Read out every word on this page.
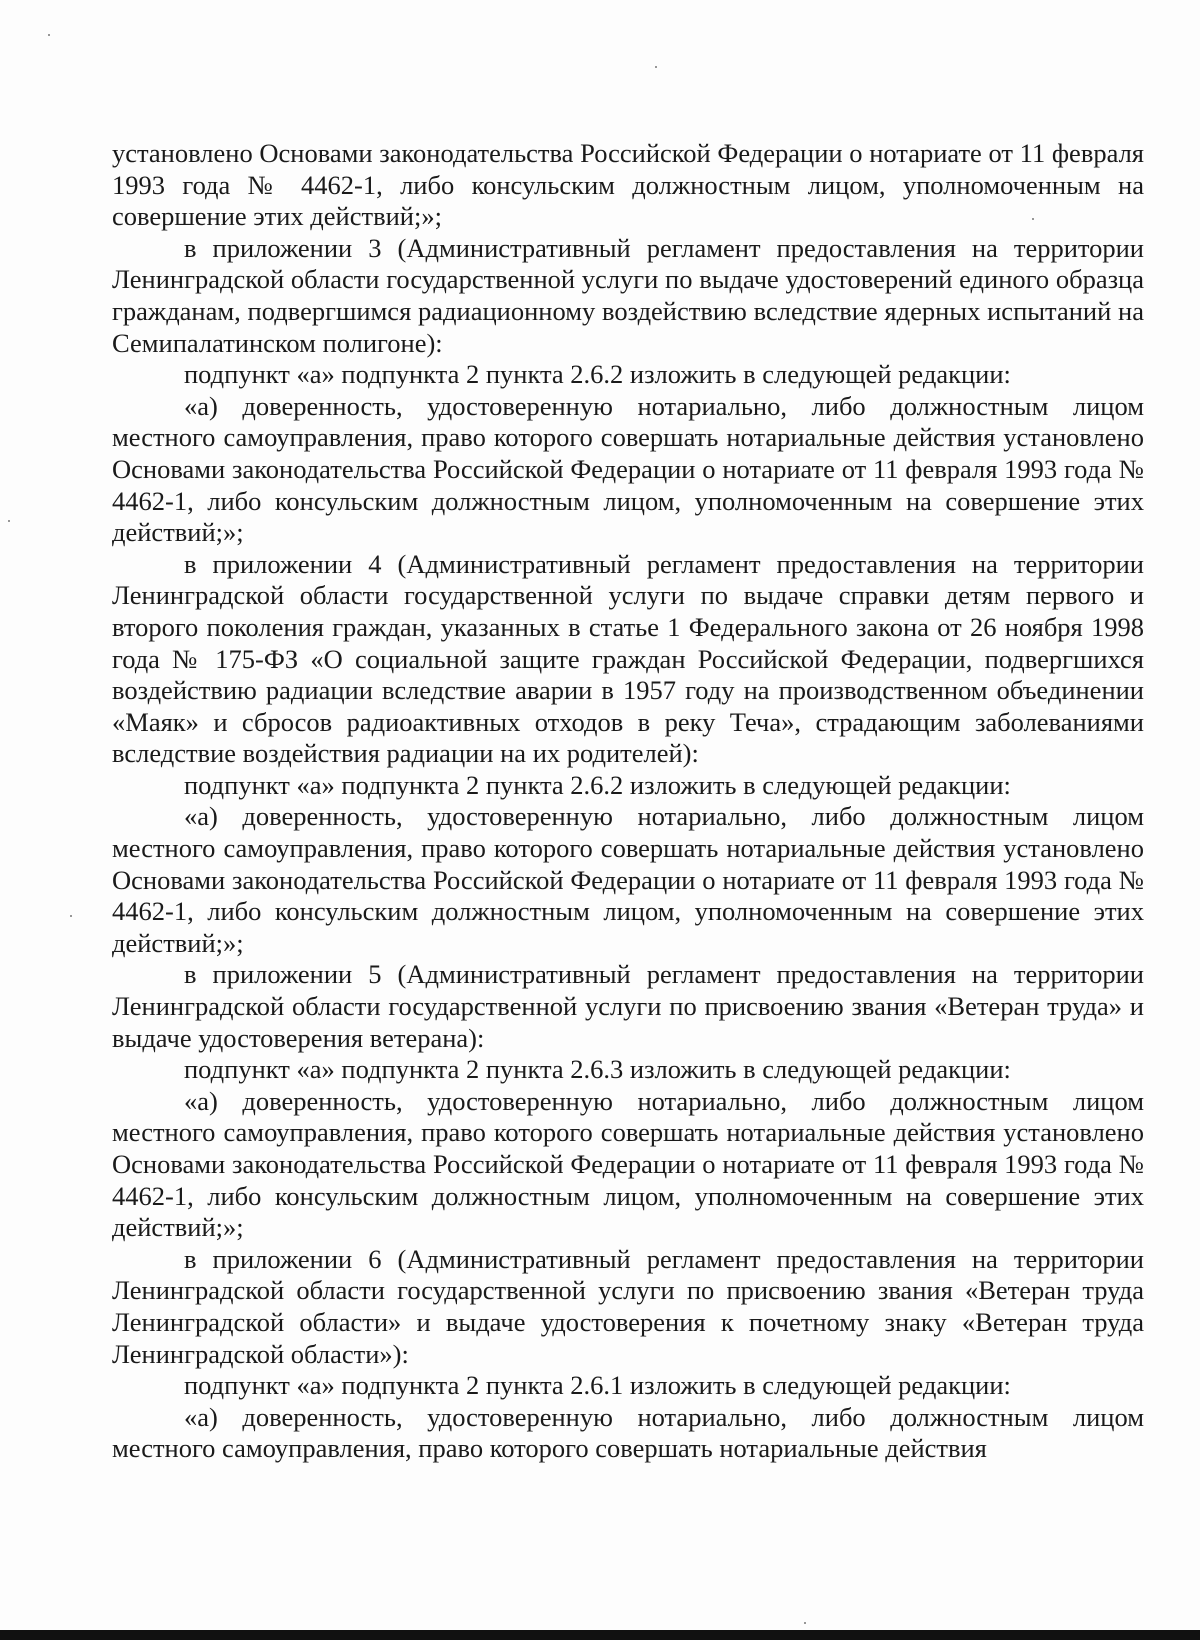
установлено Основами законодательства Российской Федерации о нотариате от 11 февраля 1993 года № 4462-1, либо консульским должностным лицом, уполномоченным на совершение этих действий;»;

в приложении 3 (Административный регламент предоставления на территории Ленинградской области государственной услуги по выдаче удостоверений единого образца гражданам, подвергшимся радиационному воздействию вследствие ядерных испытаний на Семипалатинском полигоне):

подпункт «а» подпункта 2 пункта 2.6.2 изложить в следующей редакции:

«а) доверенность, удостоверенную нотариально, либо должностным лицом местного самоуправления, право которого совершать нотариальные действия установлено Основами законодательства Российской Федерации о нотариате от 11 февраля 1993 года № 4462-1, либо консульским должностным лицом, уполномоченным на совершение этих действий;»;

в приложении 4 (Административный регламент предоставления на территории Ленинградской области государственной услуги по выдаче справки детям первого и второго поколения граждан, указанных в статье 1 Федерального закона от 26 ноября 1998 года № 175-ФЗ «О социальной защите граждан Российской Федерации, подвергшихся воздействию радиации вследствие аварии в 1957 году на производственном объединении «Маяк» и сбросов радиоактивных отходов в реку Теча», страдающим заболеваниями вследствие воздействия радиации на их родителей):

подпункт «а» подпункта 2 пункта 2.6.2 изложить в следующей редакции:

«а) доверенность, удостоверенную нотариально, либо должностным лицом местного самоуправления, право которого совершать нотариальные действия установлено Основами законодательства Российской Федерации о нотариате от 11 февраля 1993 года № 4462-1, либо консульским должностным лицом, уполномоченным на совершение этих действий;»;

в приложении 5 (Административный регламент предоставления на территории Ленинградской области государственной услуги по присвоению звания «Ветеран труда» и выдаче удостоверения ветерана):

подпункт «а» подпункта 2 пункта 2.6.3 изложить в следующей редакции:

«а) доверенность, удостоверенную нотариально, либо должностным лицом местного самоуправления, право которого совершать нотариальные действия установлено Основами законодательства Российской Федерации о нотариате от 11 февраля 1993 года № 4462-1, либо консульским должностным лицом, уполномоченным на совершение этих действий;»;

в приложении 6 (Административный регламент предоставления на территории Ленинградской области государственной услуги по присвоению звания «Ветеран труда Ленинградской области» и выдаче удостоверения к почетному знаку «Ветеран труда Ленинградской области»):

подпункт «а» подпункта 2 пункта 2.6.1 изложить в следующей редакции:

«а) доверенность, удостоверенную нотариально, либо должностным лицом местного самоуправления, право которого совершать нотариальные действия
